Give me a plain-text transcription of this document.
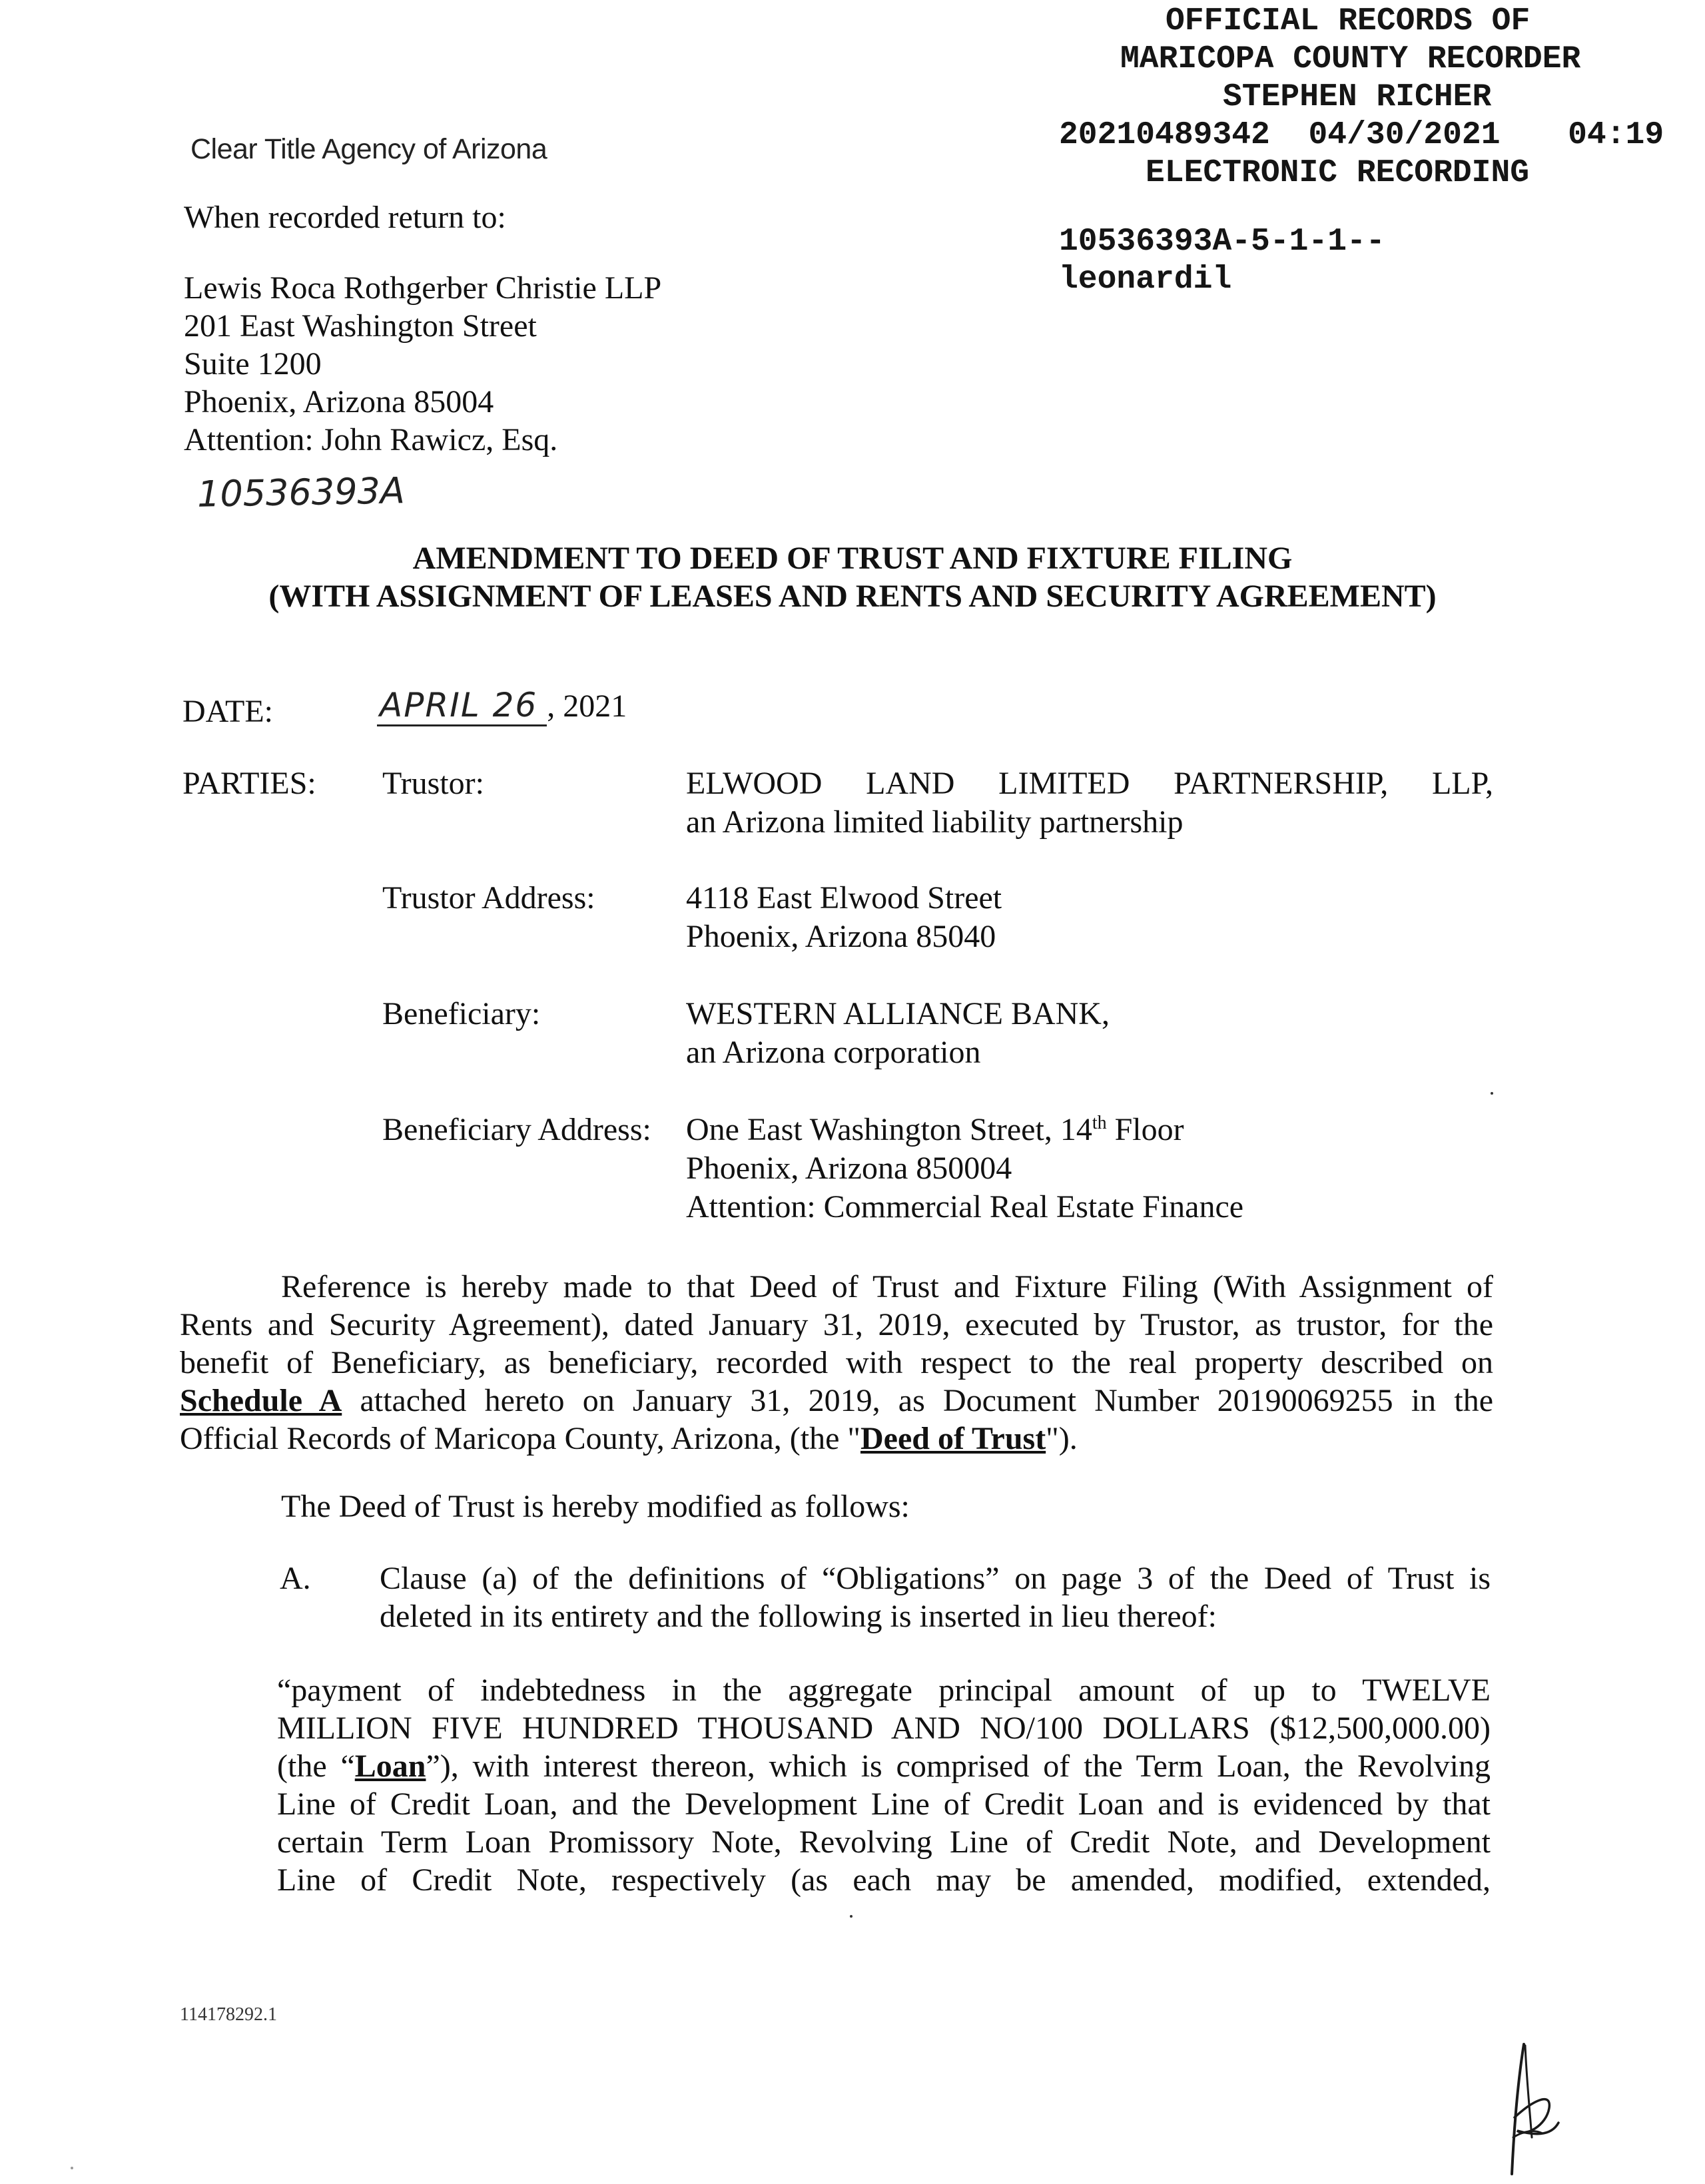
OFFICIAL RECORDS OF
MARICOPA COUNTY RECORDER
STEPHEN RICHER
20210489342 04/30/2021 04:19
ELECTRONIC RECORDING
10536393A-5-1-1--
leonardil
Clear Title Agency of Arizona
When recorded return to:
Lewis Roca Rothgerber Christie LLP
201 East Washington Street
Suite 1200
Phoenix, Arizona 85004
Attention: John Rawicz, Esq.
10536393A
AMENDMENT TO DEED OF TRUST AND FIXTURE FILING
(WITH ASSIGNMENT OF LEASES AND RENTS AND SECURITY AGREEMENT)
DATE:	APRIL 26 , 2021
PARTIES: Trustor:	ELWOOD LAND LIMITED PARTNERSHIP, LLP,
an Arizona limited liability partnership
Trustor Address:	4118 East Elwood Street
Phoenix, Arizona 85040
Beneficiary:	WESTERN ALLIANCE BANK,
an Arizona corporation
Beneficiary Address: One East Washington Street, 14th Floor
Phoenix, Arizona 850004
Attention: Commercial Real Estate Finance
Reference is hereby made to that Deed of Trust and Fixture Filing (With Assignment of
Rents and Security Agreement), dated January 31, 2019, executed by Trustor, as trustor, for the
benefit of Beneficiary, as beneficiary, recorded with respect to the real property described on
Schedule A attached hereto on January 31, 2019, as Document Number 20190069255 in the
Official Records of Maricopa County, Arizona, (the "Deed of Trust").
The Deed of Trust is hereby modified as follows:
A. Clause (a) of the definitions of “Obligations” on page 3 of the Deed of Trust is
deleted in its entirety and the following is inserted in lieu thereof:
“payment of indebtedness in the aggregate principal amount of up to TWELVE
MILLION FIVE HUNDRED THOUSAND AND NO/100 DOLLARS ($12,500,000.00)
(the “Loan”), with interest thereon, which is comprised of the Term Loan, the Revolving
Line of Credit Loan, and the Development Line of Credit Loan and is evidenced by that
certain Term Loan Promissory Note, Revolving Line of Credit Note, and Development
Line of Credit Note, respectively (as each may be amended, modified, extended,
114178292.1
